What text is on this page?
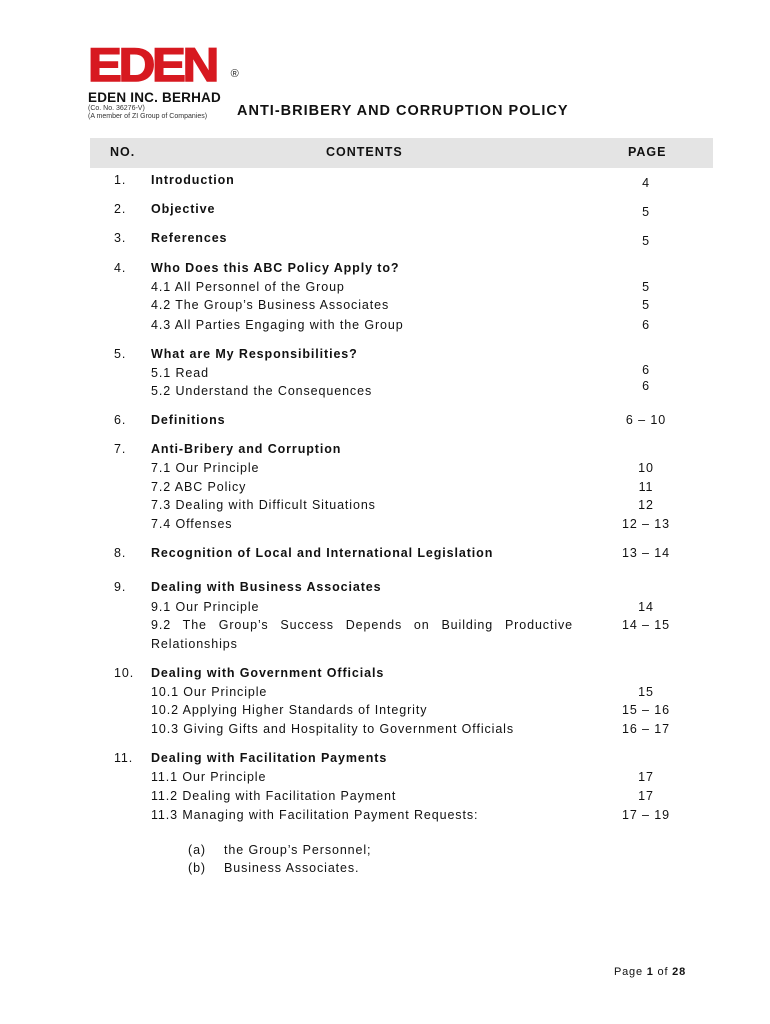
EDEN ®
EDEN INC. BERHAD
(Co. No. 36276-V)
(A member of ZI Group of Companies)	ANTI-BRIBERY AND CORRUPTION POLICY
NO.	CONTENTS	PAGE
1. Introduction	4
2. Objective	5
3. References	5
4. Who Does this ABC Policy Apply to?
4.1 All Personnel of the Group	5
4.2 The Group’s Business Associates	5
4.3 All Parties Engaging with the Group	6
5. What are My Responsibilities?
5.1 Read	6
5.2 Understand the Consequences	6
6. Definitions	6 – 10
7. Anti-Bribery and Corruption
7.1 Our Principle	10
7.2 ABC Policy	11
7.3 Dealing with Difficult Situations	12
7.4 Offenses	12 – 13
8. Recognition of Local and International Legislation	13 – 14
9. Dealing with Business Associates
9.1 Our Principle	14
9.2 The Group’s Success Depends on Building Productive	14 – 15
Relationships
10. Dealing with Government Officials
10.1 Our Principle	15
10.2 Applying Higher Standards of Integrity	15 – 16
10.3 Giving Gifts and Hospitality to Government Officials	16 – 17
11. Dealing with Facilitation Payments
11.1 Our Principle	17
11.2 Dealing with Facilitation Payment	17
11.3 Managing with Facilitation Payment Requests:	17 – 19
(a) the Group’s Personnel;
(b) Business Associates.
Page 1 of 28
